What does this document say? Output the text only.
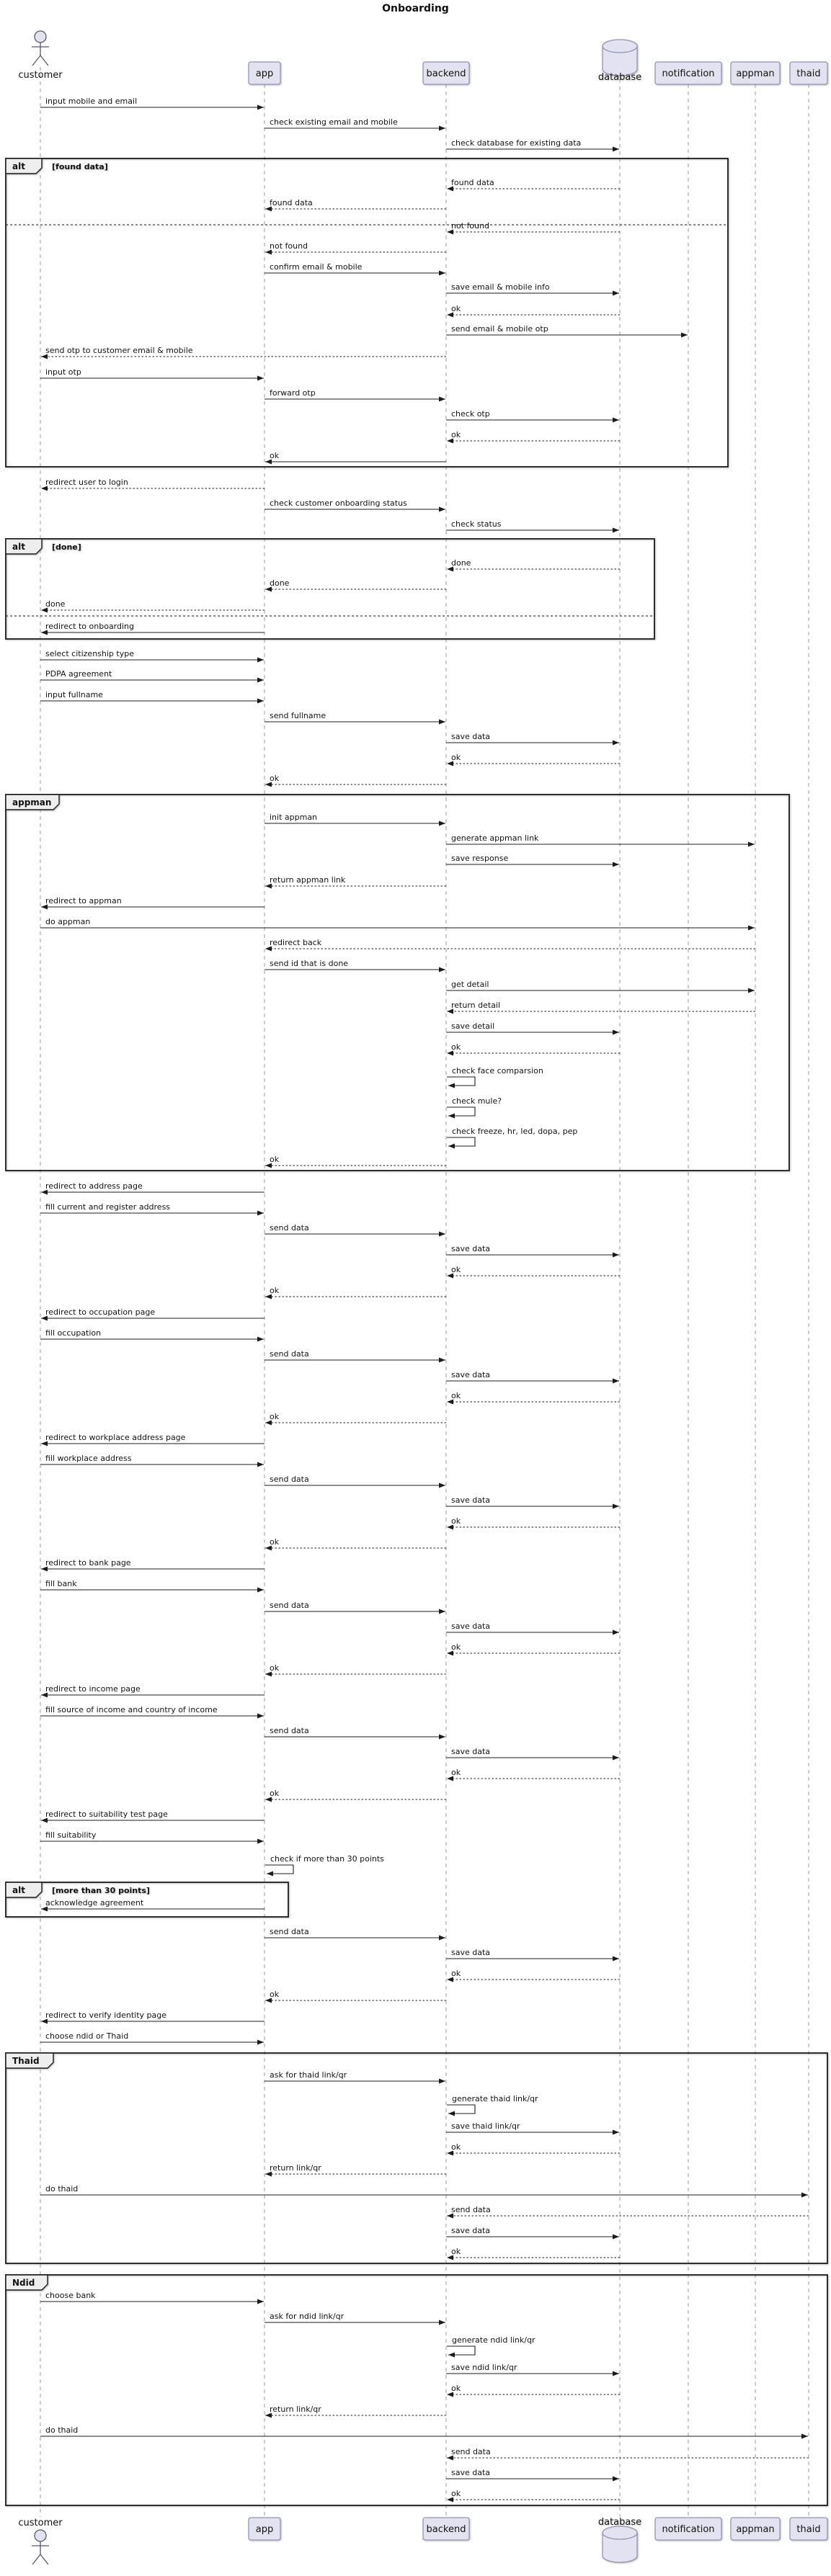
Onboarding
alt	[found data]
alt	[done]
appman
alt	[more than 30 points]
Thaid
Ndid
input mobile and email
check existing email and mobile
check database for existing data
found data
found data
not found
not found
confirm email & mobile
save email & mobile info
ok
send email & mobile otp
send otp to customer email & mobile
input otp
forward otp
check otp
ok
ok
redirect user to login
check customer onboarding status
check status
done
done
done
redirect to onboarding
select citizenship type
PDPA agreement
input fullname
send fullname
save data
ok
ok
init appman
generate appman link
save response
return appman link
redirect to appman
do appman
redirect back
send id that is done
get detail
return detail
save detail
ok
check face comparsion
check mule?
check freeze, hr, led, dopa, pep
ok
redirect to address page
fill current and register address
send data
save data
ok
ok
redirect to occupation page
fill occupation
send data
save data
ok
ok
redirect to workplace address page
fill workplace address
send data
save data
ok
ok
redirect to bank page
fill bank
send data
save data
ok
ok
redirect to income page
fill source of income and country of income
send data
save data
ok
ok
redirect to suitability test page
fill suitability
check if more than 30 points
acknowledge agreement
send data
save data
ok
ok
redirect to verify identity page
choose ndid or Thaid
ask for thaid link/qr
generate thaid link/qr
save thaid link/qr
ok
return link/qr
do thaid
send data
save data
ok
choose bank
ask for ndid link/qr
generate ndid link/qr
save ndid link/qr
ok
return link/qr
do thaid
send data
save data
ok
customer
customer
app
app
backend
backend
database
database
notification
notification
appman
appman
thaid
thaid
